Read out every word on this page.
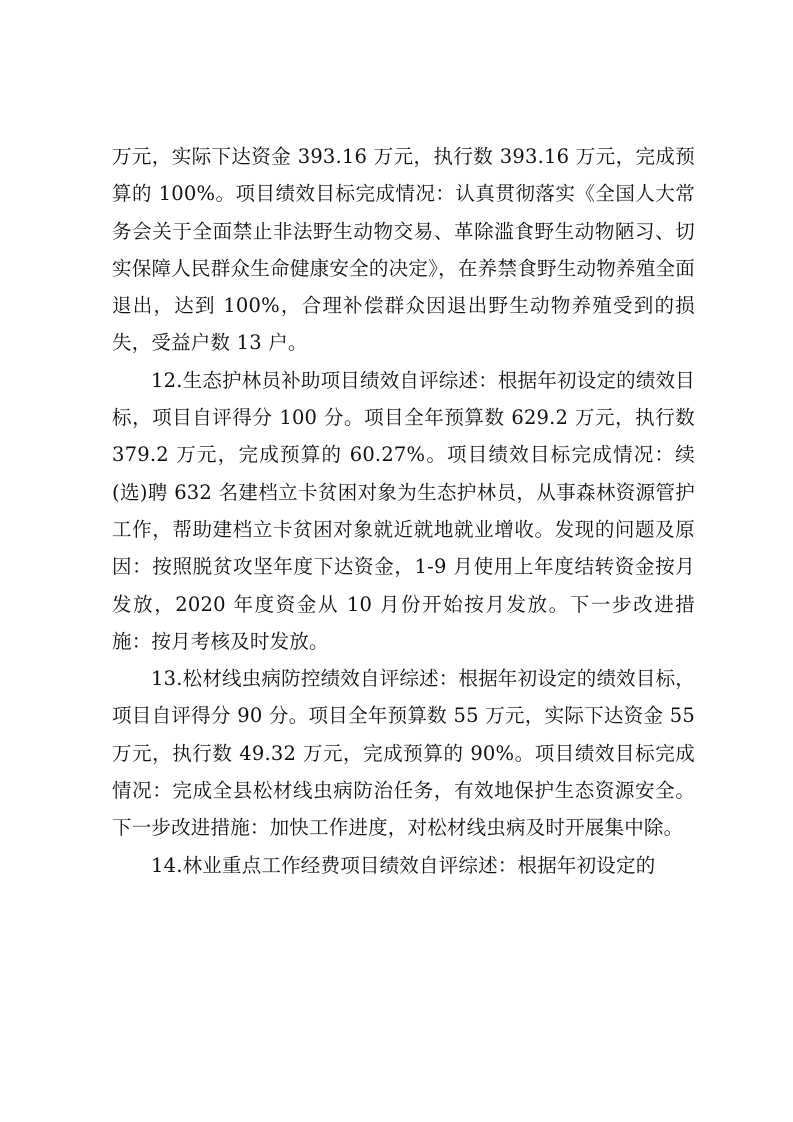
万元，实际下达资金 393.16 万元，执行数 393.16 万元，完成预算的 100%。项目绩效目标完成情况：认真贯彻落实《全国人大常务会关于全面禁止非法野生动物交易、革除滥食野生动物陋习、切实保障人民群众生命健康安全的决定》，在养禁食野生动物养殖全面退出，达到 100%，合理补偿群众因退出野生动物养殖受到的损失，受益户数 13 户。

12.生态护林员补助项目绩效自评综述：根据年初设定的绩效目标，项目自评得分 100 分。项目全年预算数 629.2 万元，执行数 379.2 万元，完成预算的 60.27%。项目绩效目标完成情况：续(选)聘 632 名建档立卡贫困对象为生态护林员，从事森林资源管护工作，帮助建档立卡贫困对象就近就地就业增收。发现的问题及原因：按照脱贫攻坚年度下达资金，1-9 月使用上年度结转资金按月发放，2020 年度资金从 10 月份开始按月发放。下一步改进措施：按月考核及时发放。

13.松材线虫病防控绩效自评综述：根据年初设定的绩效目标，项目自评得分 90 分。项目全年预算数 55 万元，实际下达资金 55 万元，执行数 49.32 万元，完成预算的 90%。项目绩效目标完成情况：完成全县松材线虫病防治任务，有效地保护生态资源安全。下一步改进措施：加快工作进度，对松材线虫病及时开展集中除。

14.林业重点工作经费项目绩效自评综述：根据年初设定的
